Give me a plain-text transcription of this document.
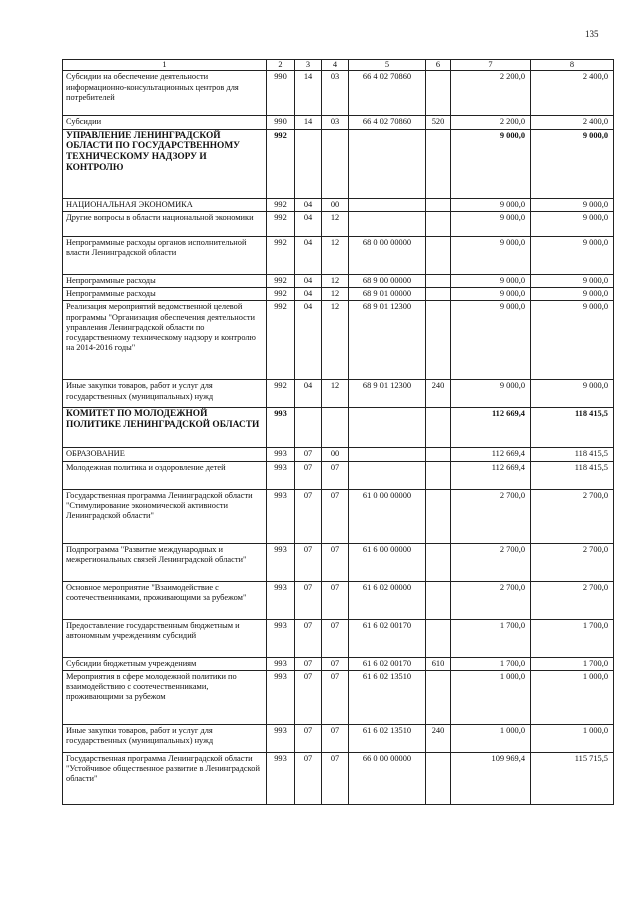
135
1	2	3	4	5	6	7	8
Субсидии на обеспечение деятельности информационно-консультационных центров для потребителей	990	14	03	66 4 02 70860		2 200,0	2 400,0
Субсидии	990	14	03	66 4 02 70860	520	2 200,0	2 400,0
УПРАВЛЕНИЕ ЛЕНИНГРАДСКОЙ ОБЛАСТИ ПО ГОСУДАРСТВЕННОМУ ТЕХНИЧЕСКОМУ НАДЗОРУ И КОНТРОЛЮ	992					9 000,0	9 000,0
НАЦИОНАЛЬНАЯ ЭКОНОМИКА	992	04	00			9 000,0	9 000,0
Другие вопросы в области национальной экономики	992	04	12			9 000,0	9 000,0
Непрограммные расходы органов исполнительной власти Ленинградской области	992	04	12	68 0 00 00000		9 000,0	9 000,0
Непрограммные расходы	992	04	12	68 9 00 00000		9 000,0	9 000,0
Непрограммные расходы	992	04	12	68 9 01 00000		9 000,0	9 000,0
Реализация мероприятий ведомственной целевой программы "Организация обеспечения деятельности управления Ленинградской области по государственному техническому надзору и контролю на 2014-2016 годы"	992	04	12	68 9 01 12300		9 000,0	9 000,0
Иные закупки товаров, работ и услуг для государственных (муниципальных) нужд	992	04	12	68 9 01 12300	240	9 000,0	9 000,0
КОМИТЕТ ПО МОЛОДЕЖНОЙ ПОЛИТИКЕ ЛЕНИНГРАДСКОЙ ОБЛАСТИ	993					112 669,4	118 415,5
ОБРАЗОВАНИЕ	993	07	00			112 669,4	118 415,5
Молодежная политика и оздоровление детей	993	07	07			112 669,4	118 415,5
Государственная программа Ленинградской области "Стимулирование экономической активности Ленинградской области"	993	07	07	61 0 00 00000		2 700,0	2 700,0
Подпрограмма "Развитие международных и межрегиональных связей Ленинградской области"	993	07	07	61 6 00 00000		2 700,0	2 700,0
Основное мероприятие "Взаимодействие с соотечественниками, проживающими за рубежом"	993	07	07	61 6 02 00000		2 700,0	2 700,0
Предоставление государственным бюджетным и автономным учреждениям субсидий	993	07	07	61 6 02 00170		1 700,0	1 700,0
Субсидии бюджетным учреждениям	993	07	07	61 6 02 00170	610	1 700,0	1 700,0
Мероприятия в сфере молодежной политики по взаимодействию с соотечественниками, проживающими за рубежом	993	07	07	61 6 02 13510		1 000,0	1 000,0
Иные закупки товаров, работ и услуг для государственных (муниципальных) нужд	993	07	07	61 6 02 13510	240	1 000,0	1 000,0
Государственная программа Ленинградской области "Устойчивое общественное развитие в Ленинградской области"	993	07	07	66 0 00 00000		109 969,4	115 715,5
